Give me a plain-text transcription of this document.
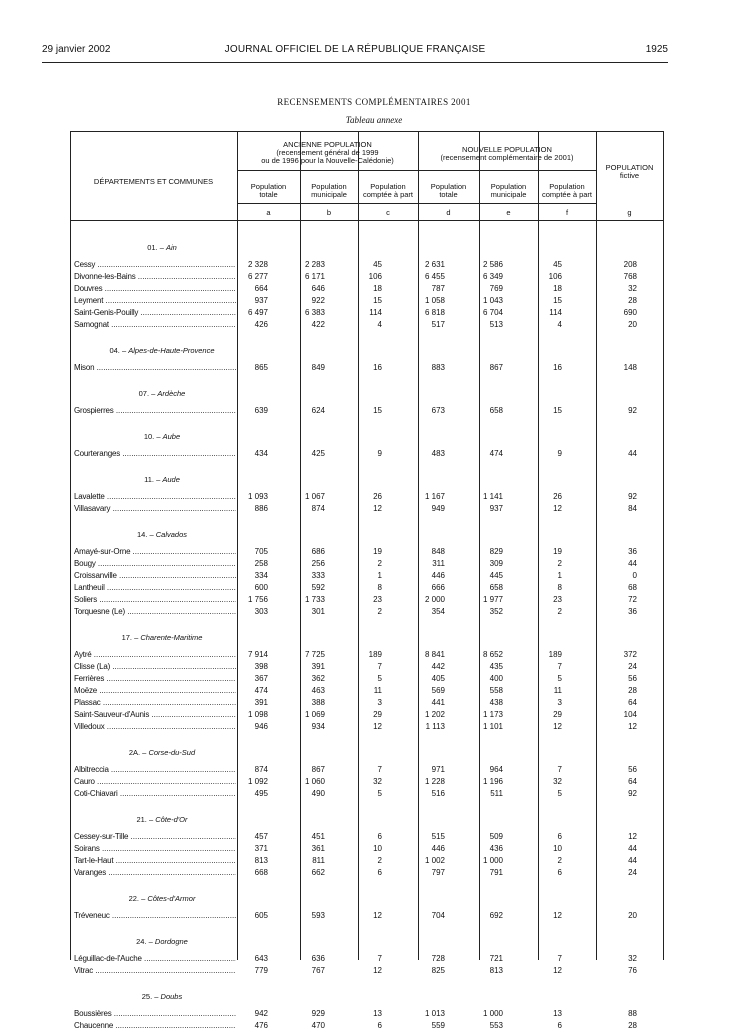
29 janvier 2002	JOURNAL OFFICIEL DE LA RÉPUBLIQUE FRANÇAISE	1925
RECENSEMENTS COMPLÉMENTAIRES 2001
Tableau annexe
DÉPARTEMENTS ET COMMUNES
ANCIENNE POPULATION
(recensement général de 1999
ou de 1996 pour la Nouvelle-Calédonie)
NOUVELLE POPULATION
(recensement complémentaire de 2001)
POPULATION
fictive
Population
totale
a
Population
municipale
b
Population
comptée à part
c
Population
totale
d
Population
municipale
e
Population
comptée à part
f	g
01. – Ain
Cessy .....	2 328	2 283	45	2 631	2 586	45	208
Divonne-les-Bains .....	6 277	6 171	106	6 455	6 349	106	768
Douvres .....	664	646	18	787	769	18	32
Leyment .....	937	922	15	1 058	1 043	15	28
Saint-Genis-Pouilly .....	6 497	6 383	114	6 818	6 704	114	690
Samognat .....	426	422	4	517	513	4	20
04. – Alpes-de-Haute-Provence
Mison .....	865	849	16	883	867	16	148
07. – Ardèche
Grospierres .....	639	624	15	673	658	15	92
10. – Aube
Courteranges .....	434	425	9	483	474	9	44
11. – Aude
Lavalette .....	1 093	1 067	26	1 167	1 141	26	92
Villasavary .....	886	874	12	949	937	12	84
14. – Calvados
Amayé-sur-Orne .....	705	686	19	848	829	19	36
Bougy .....	258	256	2	311	309	2	44
Croissanville .....	334	333	1	446	445	1	0
Lantheuil .....	600	592	8	666	658	8	68
Soliers .....	1 756	1 733	23	2 000	1 977	23	72
Torquesne (Le) .....	303	301	2	354	352	2	36
17. – Charente-Maritime
Aytré .....	7 914	7 725	189	8 841	8 652	189	372
Clisse (La) .....	398	391	7	442	435	7	24
Ferrières .....	367	362	5	405	400	5	56
Moëze .....	474	463	11	569	558	11	28
Plassac .....	391	388	3	441	438	3	64
Saint-Sauveur-d'Aunis .....	1 098	1 069	29	1 202	1 173	29	104
Villedoux .....	946	934	12	1 113	1 101	12	12
2A. – Corse-du-Sud
Albitreccia .....	874	867	7	971	964	7	56
Cauro .....	1 092	1 060	32	1 228	1 196	32	64
Coti-Chiavari .....	495	490	5	516	511	5	92
21. – Côte-d'Or
Cessey-sur-Tille .....	457	451	6	515	509	6	12
Soirans .....	371	361	10	446	436	10	44
Tart-le-Haut .....	813	811	2	1 002	1 000	2	44
Varanges .....	668	662	6	797	791	6	24
22. – Côtes-d'Armor
Tréveneuc .....	605	593	12	704	692	12	20
24. – Dordogne
Léguillac-de-l'Auche .....	643	636	7	728	721	7	32
Vitrac .....	779	767	12	825	813	12	76
25. – Doubs
Boussières .....	942	929	13	1 013	1 000	13	88
Chaucenne .....	476	470	6	559	553	6	28
